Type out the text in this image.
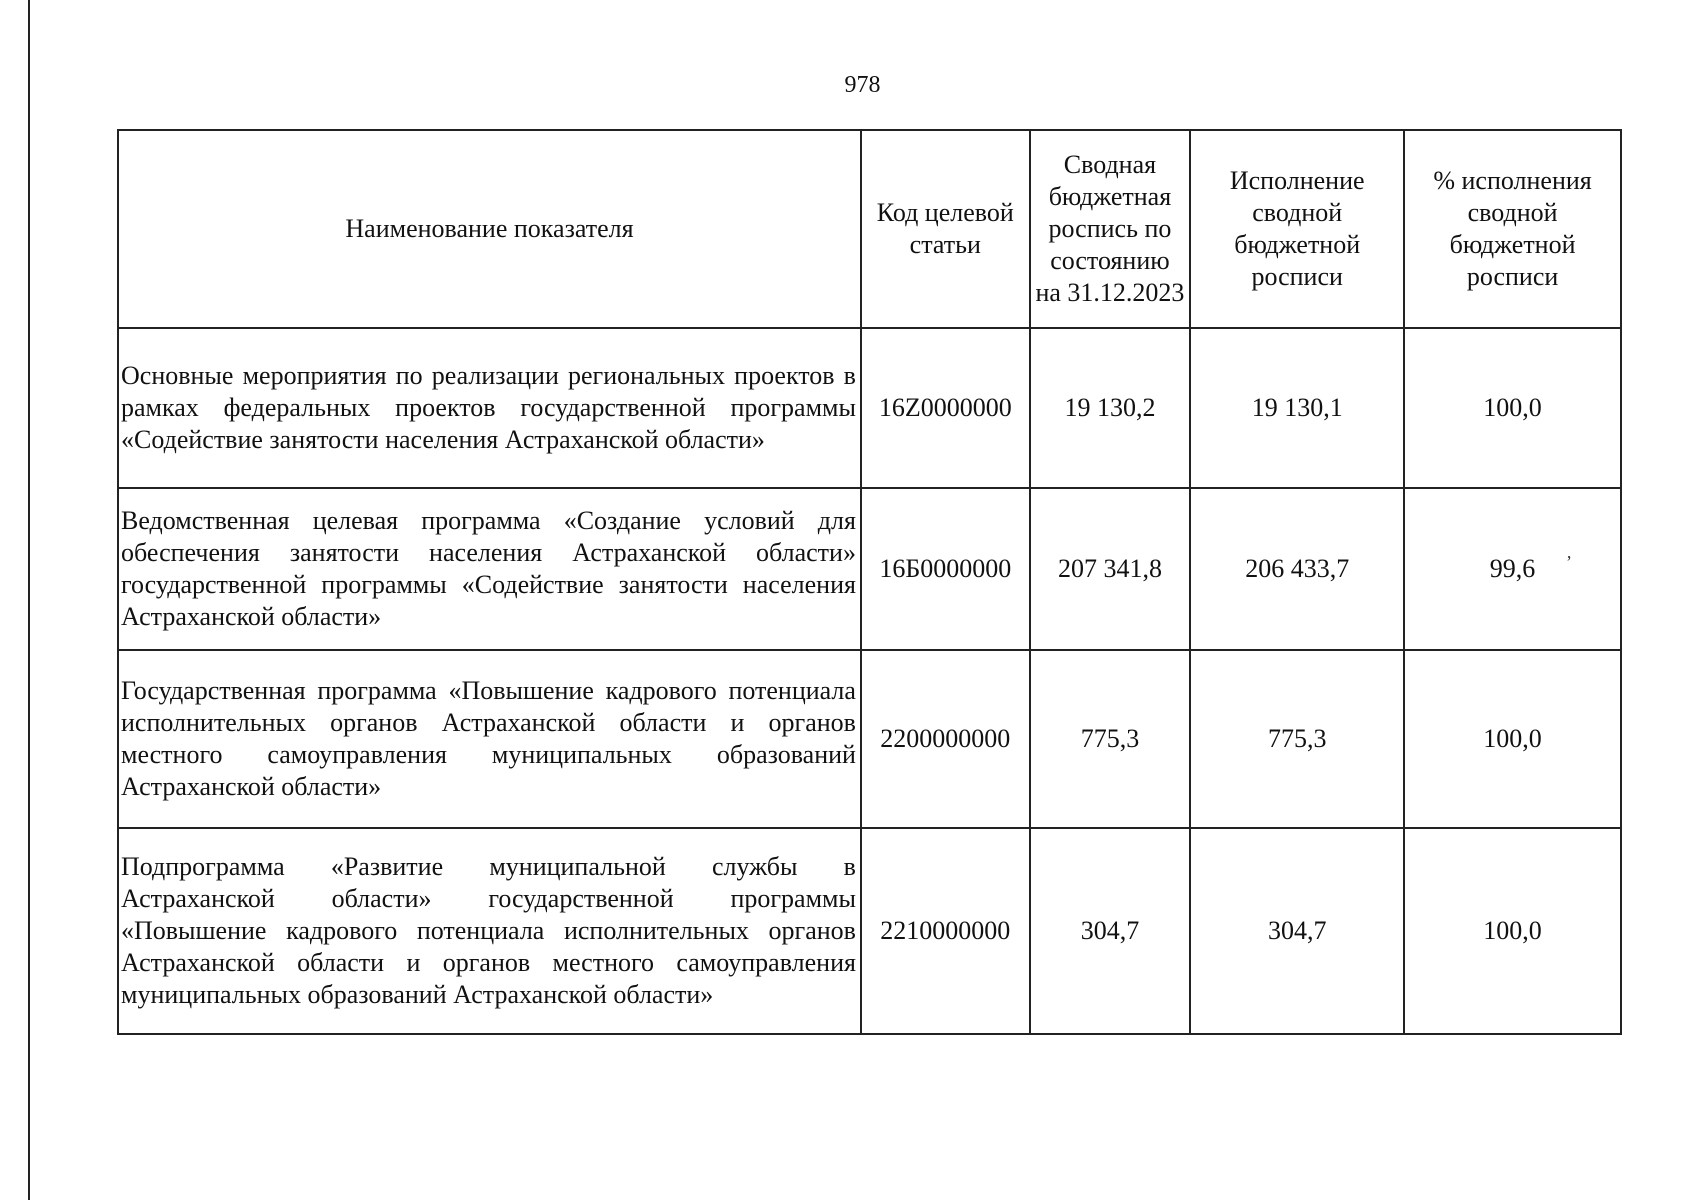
978
Наименование показателя	Код целевой статьи	Сводная бюджетная роспись по состоянию на 31.12.2023	Исполнение сводной бюджетной росписи	% исполнения сводной бюджетной росписи
Основные мероприятия по реализации региональных проектов в рамках федеральных проектов государственной программы «Содействие занятости населения Астраханской области»	16Z0000000	19 130,2	19 130,1	100,0
Ведомственная целевая программа «Создание условий для обеспечения занятости населения Астраханской области» государственной программы «Содействие занятости населения Астраханской области»	16Б0000000	207 341,8	206 433,7	99,6
Государственная программа «Повышение кадрового потенциала исполнительных органов Астраханской области и органов местного самоуправления муниципальных образований Астраханской области»	2200000000	775,3	775,3	100,0
Подпрограмма «Развитие муниципальной службы в Астраханской области» государственной программы «Повышение кадрового потенциала исполнительных органов Астраханской области и органов местного самоуправления муниципальных образований Астраханской области»	2210000000	304,7	304,7	100,0
ʼ
